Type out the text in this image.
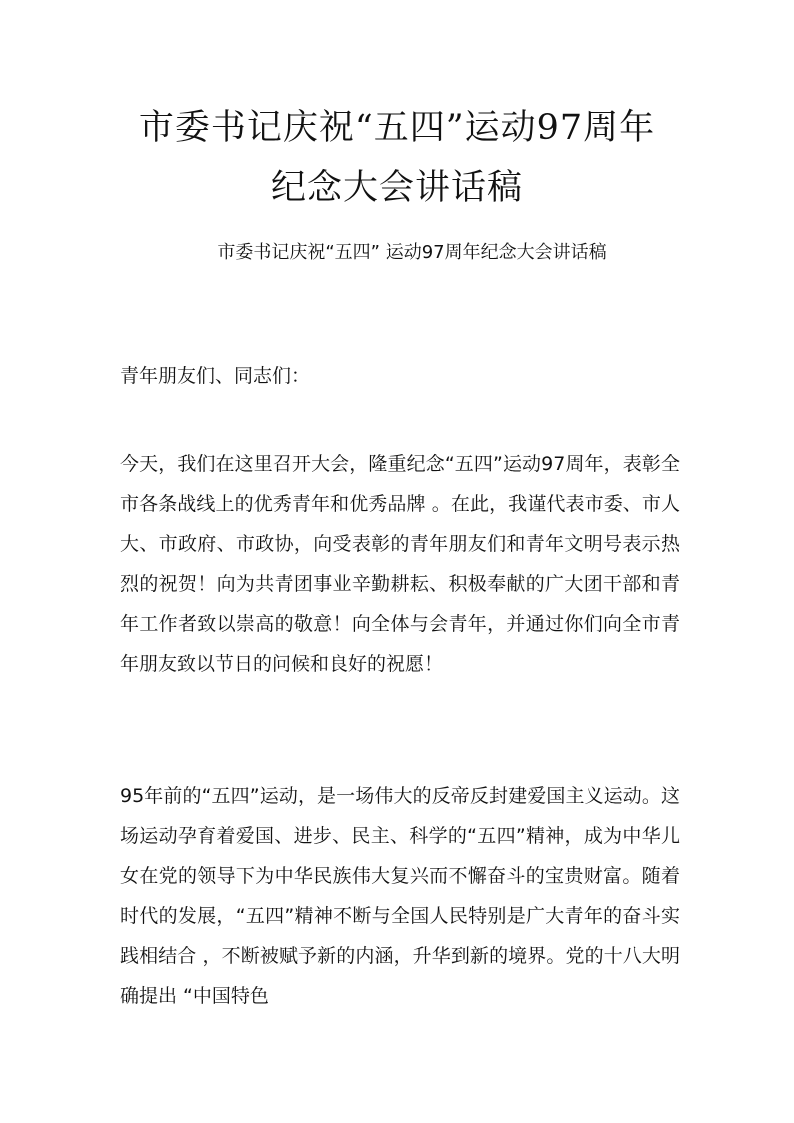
市委书记庆祝“五四”运动97周年
纪念大会讲话稿
市委书记庆祝“五四” 运动97周年纪念大会讲话稿

青年朋友们、同志们：

今天，我们在这里召开大会，隆重纪念“五四”运动97周年，表彰全市各条战线上的优秀青年和优秀品牌 。在此，我谨代表市委、市人大、市政府、市政协，向受表彰的青年朋友们和青年文明号表示热烈的祝贺！向为共青团事业辛勤耕耘、积极奉献的广大团干部和青年工作者致以崇高的敬意！向全体与会青年，并通过你们向全市青年朋友致以节日的问候和良好的祝愿！

95年前的“五四”运动，是一场伟大的反帝反封建爱国主义运动。这场运动孕育着爱国、进步、民主、科学的“五四”精神，成为中华儿女在党的领导下为中华民族伟大复兴而不懈奋斗的宝贵财富。随着时代的发展，“五四”精神不断与全国人民特别是广大青年的奋斗实践相结合 ，不断被赋予新的内涵，升华到新的境界。党的十八大明确提出 “中国特色
